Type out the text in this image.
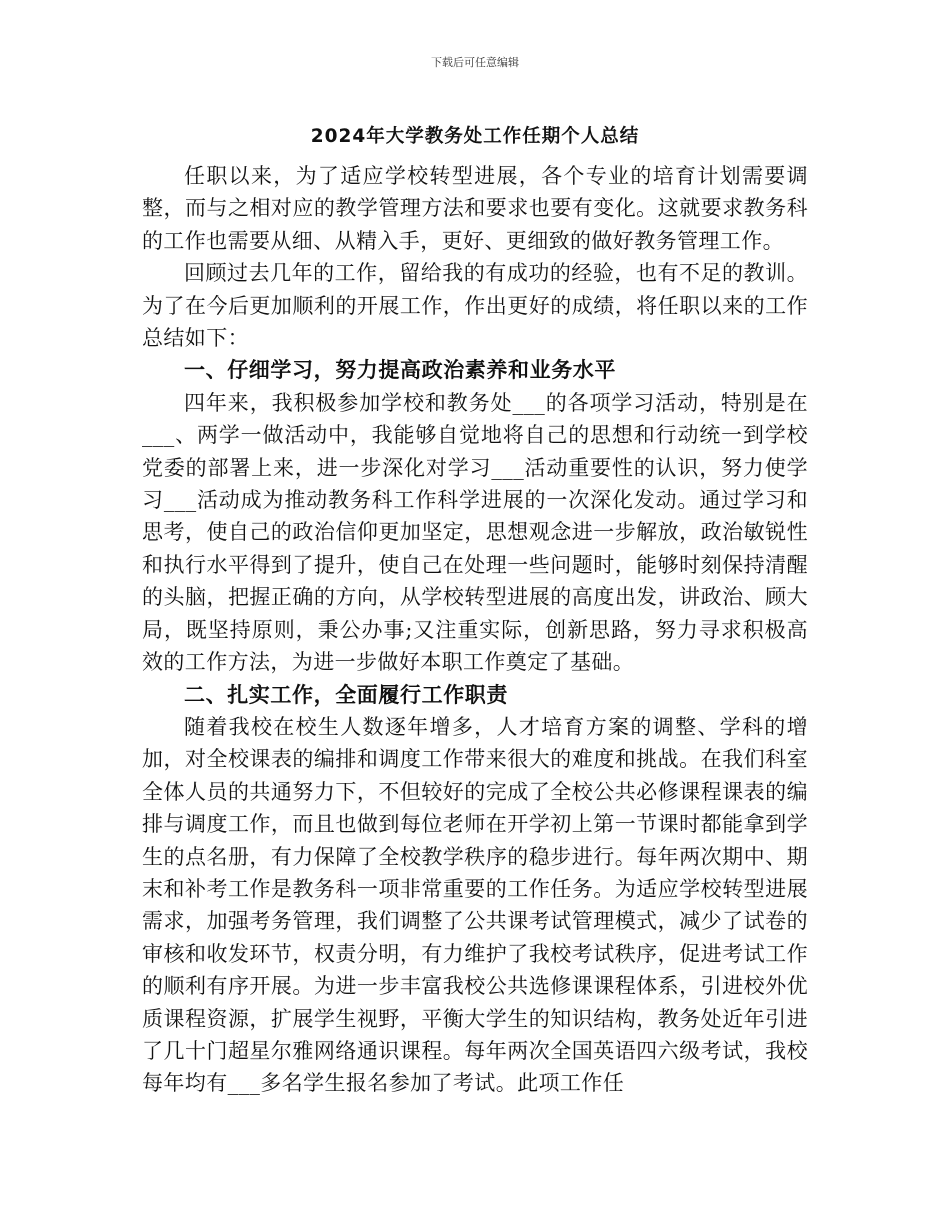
下载后可任意编辑
2024年大学教务处工作任期个人总结

任职以来，为了适应学校转型进展，各个专业的培育计划需要调整，而与之相对应的教学管理方法和要求也要有变化。这就要求教务科的工作也需要从细、从精入手，更好、更细致的做好教务管理工作。

回顾过去几年的工作，留给我的有成功的经验，也有不足的教训。为了在今后更加顺利的开展工作，作出更好的成绩，将任职以来的工作总结如下：

一、仔细学习，努力提高政治素养和业务水平

四年来，我积极参加学校和教务处___的各项学习活动，特别是在___、两学一做活动中，我能够自觉地将自己的思想和行动统一到学校党委的部署上来，进一步深化对学习___活动重要性的认识，努力使学习___活动成为推动教务科工作科学进展的一次深化发动。通过学习和思考，使自己的政治信仰更加坚定，思想观念进一步解放，政治敏锐性和执行水平得到了提升，使自己在处理一些问题时，能够时刻保持清醒的头脑，把握正确的方向，从学校转型进展的高度出发，讲政治、顾大局，既坚持原则，秉公办事;又注重实际，创新思路，努力寻求积极高效的工作方法，为进一步做好本职工作奠定了基础。

二、扎实工作，全面履行工作职责

随着我校在校生人数逐年增多，人才培育方案的调整、学科的增加，对全校课表的编排和调度工作带来很大的难度和挑战。在我们科室全体人员的共通努力下，不但较好的完成了全校公共必修课程课表的编排与调度工作，而且也做到每位老师在开学初上第一节课时都能拿到学生的点名册，有力保障了全校教学秩序的稳步进行。每年两次期中、期末和补考工作是教务科一项非常重要的工作任务。为适应学校转型进展需求，加强考务管理，我们调整了公共课考试管理模式，减少了试卷的审核和收发环节，权责分明，有力维护了我校考试秩序，促进考试工作的顺利有序开展。为进一步丰富我校公共选修课课程体系，引进校外优质课程资源，扩展学生视野，平衡大学生的知识结构，教务处近年引进了几十门超星尔雅网络通识课程。每年两次全国英语四六级考试，我校每年均有___多名学生报名参加了考试。此项工作任
